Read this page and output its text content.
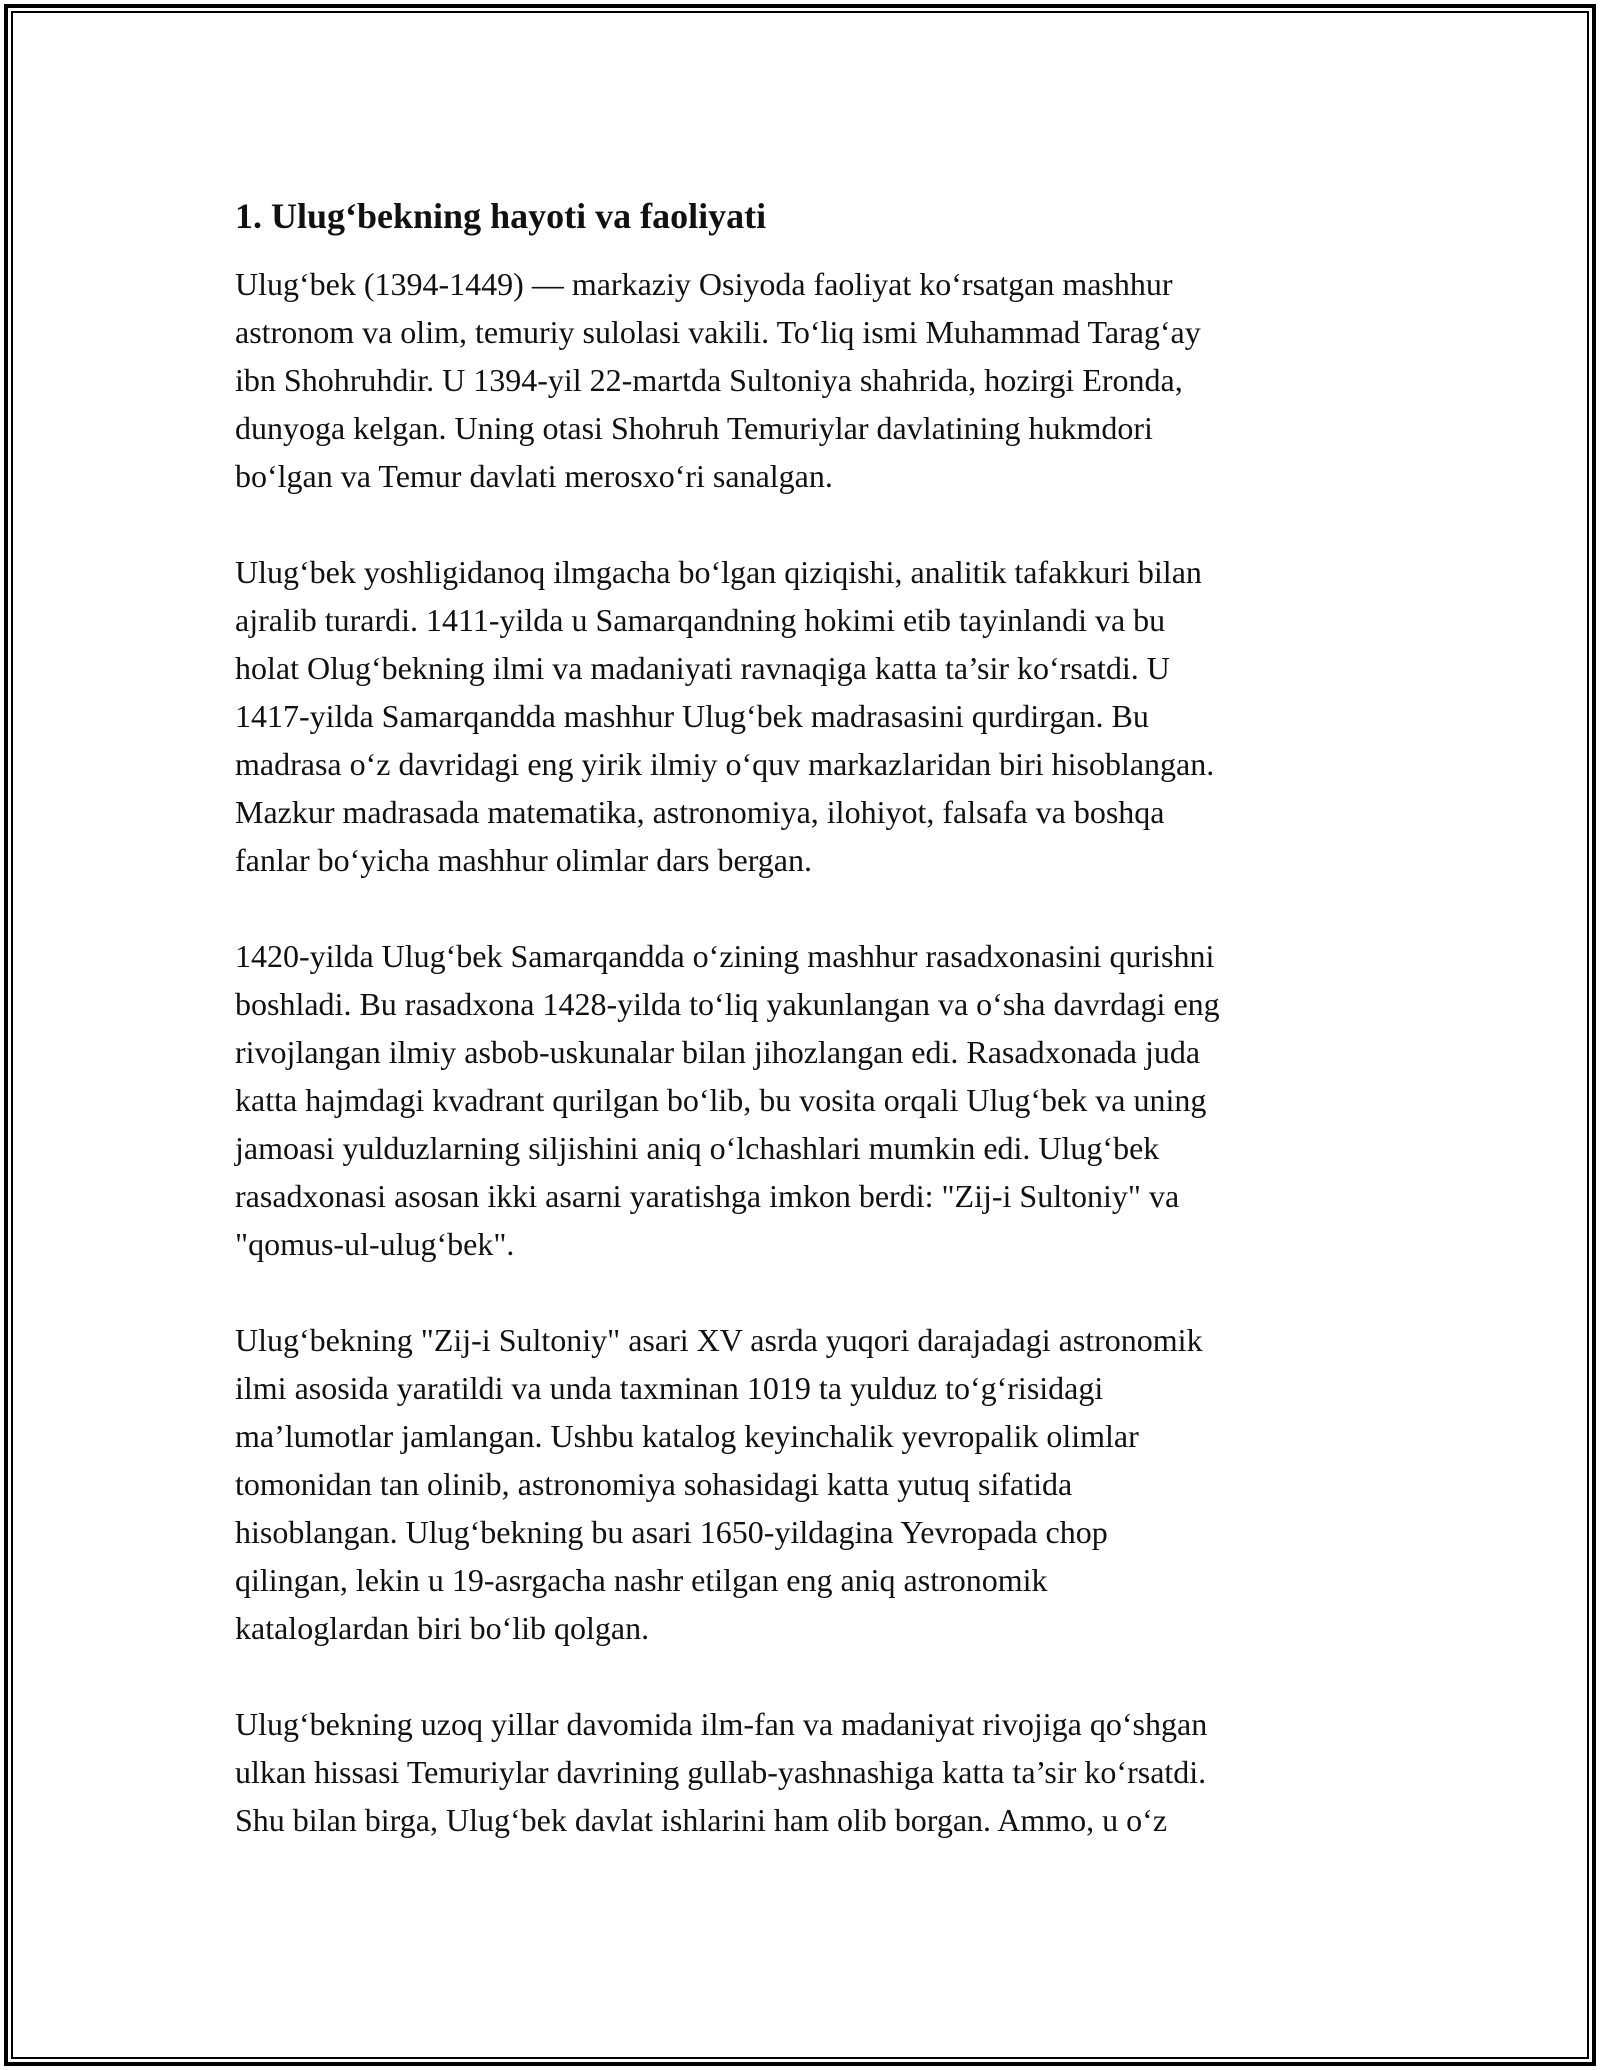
1. Ulug‘bekning hayoti va faoliyati

Ulug‘bek (1394-1449) — markaziy Osiyoda faoliyat ko‘rsatgan mashhur
astronom va olim, temuriy sulolasi vakili. To‘liq ismi Muhammad Tarag‘ay
ibn Shohruhdir. U 1394-yil 22-martda Sultoniya shahrida, hozirgi Eronda,
dunyoga kelgan. Uning otasi Shohruh Temuriylar davlatining hukmdori
bo‘lgan va Temur davlati merosxo‘ri sanalgan.

Ulug‘bek yoshligidanoq ilmgacha bo‘lgan qiziqishi, analitik tafakkuri bilan
ajralib turardi. 1411-yilda u Samarqandning hokimi etib tayinlandi va bu
holat Olug‘bekning ilmi va madaniyati ravnaqiga katta ta’sir ko‘rsatdi. U
1417-yilda Samarqandda mashhur Ulug‘bek madrasasini qurdirgan. Bu
madrasa o‘z davridagi eng yirik ilmiy o‘quv markazlaridan biri hisoblangan.
Mazkur madrasada matematika, astronomiya, ilohiyot, falsafa va boshqa
fanlar bo‘yicha mashhur olimlar dars bergan.

1420-yilda Ulug‘bek Samarqandda o‘zining mashhur rasadxonasini qurishni
boshladi. Bu rasadxona 1428-yilda to‘liq yakunlangan va o‘sha davrdagi eng
rivojlangan ilmiy asbob-uskunalar bilan jihozlangan edi. Rasadxonada juda
katta hajmdagi kvadrant qurilgan bo‘lib, bu vosita orqali Ulug‘bek va uning
jamoasi yulduzlarning siljishini aniq o‘lchashlari mumkin edi. Ulug‘bek
rasadxonasi asosan ikki asarni yaratishga imkon berdi: "Zij-i Sultoniy" va
"qomus-ul-ulug‘bek".

Ulug‘bekning "Zij-i Sultoniy" asari XV asrda yuqori darajadagi astronomik
ilmi asosida yaratildi va unda taxminan 1019 ta yulduz to‘g‘risidagi
ma’lumotlar jamlangan. Ushbu katalog keyinchalik yevropalik olimlar
tomonidan tan olinib, astronomiya sohasidagi katta yutuq sifatida
hisoblangan. Ulug‘bekning bu asari 1650-yildagina Yevropada chop
qilingan, lekin u 19-asrgacha nashr etilgan eng aniq astronomik
kataloglardan biri bo‘lib qolgan.

Ulug‘bekning uzoq yillar davomida ilm-fan va madaniyat rivojiga qo‘shgan
ulkan hissasi Temuriylar davrining gullab-yashnashiga katta ta’sir ko‘rsatdi.
Shu bilan birga, Ulug‘bek davlat ishlarini ham olib borgan. Ammo, u o‘z
